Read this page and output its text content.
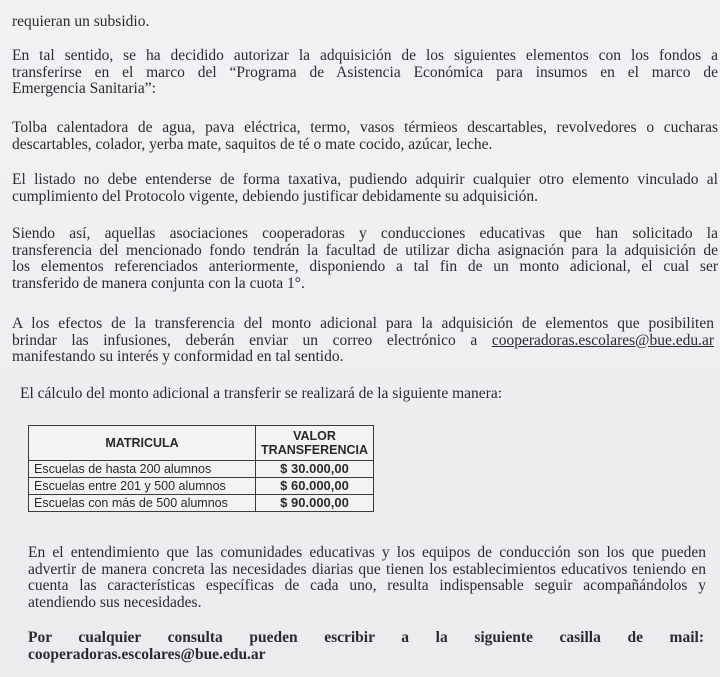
requieran un subsidio.

En tal sentido, se ha decidido autorizar la adquisición de los siguientes elementos con los fondos a
transferirse en el marco del “Programa de Asistencia Económica para insumos en el marco de
Emergencia Sanitaria”:

Tolba calentadora de agua, pava eléctrica, termo, vasos térmieos descartables, revolvedores o cucharas
descartables, colador, yerba mate, saquitos de té o mate cocido, azúcar, leche.

El listado no debe entenderse de forma taxativa, pudiendo adquirir cualquier otro elemento vinculado al
cumplimiento del Protocolo vigente, debiendo justificar debidamente su adquisición.

Siendo así, aquellas asociaciones cooperadoras y conducciones educativas que han solicitado la
transferencia del mencionado fondo tendrán la facultad de utilizar dicha asignación para la adquisición de
los elementos referenciados anteriormente, disponiendo a tal fin de un monto adicional, el cual ser
transferido de manera conjunta con la cuota 1°.

A los efectos de la transferencia del monto adicional para la adquisición de elementos que posibiliten
brindar las infusiones, deberán enviar un correo electrónico a cooperadoras.escolares@bue.edu.ar
manifestando su interés y conformidad en tal sentido.

El cálculo del monto adicional a transferir se realizará de la siguiente manera:

MATRICULA	VALOR
TRANSFERENCIA
Escuelas de hasta 200 alumnos	$ 30.000,00
Escuelas entre 201 y 500 alumnos	$ 60.000,00
Escuelas con más de 500 alumnos	$ 90.000,00

En el entendimiento que las comunidades educativas y los equipos de conducción son los que pueden
advertir de manera concreta las necesidades diarias que tienen los establecimientos educativos teniendo en
cuenta las características específicas de cada uno, resulta indispensable seguir acompañándolos y
atendiendo sus necesidades.

Por cualquier consulta pueden escribir a la siguiente casilla de mail:
cooperadoras.escolares@bue.edu.ar
